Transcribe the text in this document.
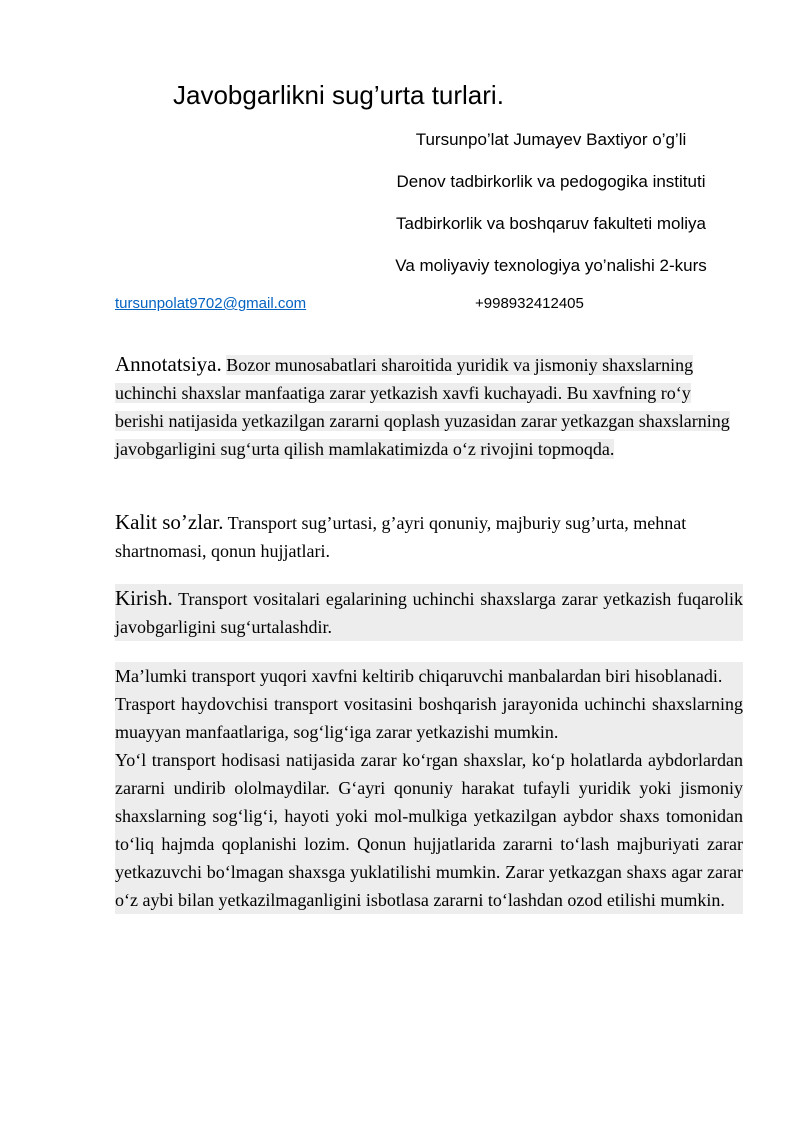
Javobgarlikni sug’urta turlari.
Tursunpo’lat Jumayev Baxtiyor o’g’li
Denov tadbirkorlik va pedogogika instituti
Tadbirkorlik va boshqaruv fakulteti moliya
Va moliyaviy texnologiya yo’nalishi 2-kurs
tursunpolat9702@gmail.com	+998932412405
Annotatsiya. Bozor munosabatlari sharoitida yuridik va jismoniy shaxslarning uchinchi shaxslar manfaatiga zarar yetkazish xavfi kuchayadi. Bu xavfning ro‘y berishi natijasida yetkazilgan zararni qoplash yuzasidan zarar yetkazgan shaxslarning javobgarligini sug‘urta qilish mamlakatimizda o‘z rivojini topmoqda.
Kalit so’zlar. Transport sug’urtasi, g’ayri qonuniy, majburiy sug’urta, mehnat shartnomasi, qonun hujjatlari.
Kirish. Transport vositalari egalarining uchinchi shaxslarga zarar yetkazish fuqarolik javobgarligini sug‘urtalashdir.
Ma’lumki transport yuqori xavfni keltirib chiqaruvchi manbalardan biri hisoblanadi.
Trasport haydovchisi transport vositasini boshqarish jarayonida uchinchi shaxslarning muayyan manfaatlariga, sog‘lig‘iga zarar yetkazishi mumkin.
Yo‘l transport hodisasi natijasida zarar ko‘rgan shaxslar, ko‘p holatlarda aybdorlardan zararni undirib ololmaydilar. G‘ayri qonuniy harakat tufayli yuridik yoki jismoniy shaxslarning sog‘lig‘i, hayoti yoki mol-mulkiga yetkazilgan aybdor shaxs tomonidan to‘liq hajmda qoplanishi lozim. Qonun hujjatlarida zararni to‘lash majburiyati zarar yetkazuvchi bo‘lmagan shaxsga yuklatilishi mumkin. Zarar yetkazgan shaxs agar zarar o‘z aybi bilan yetkazilmaganligini isbotlasa zararni to‘lashdan ozod etilishi mumkin.
